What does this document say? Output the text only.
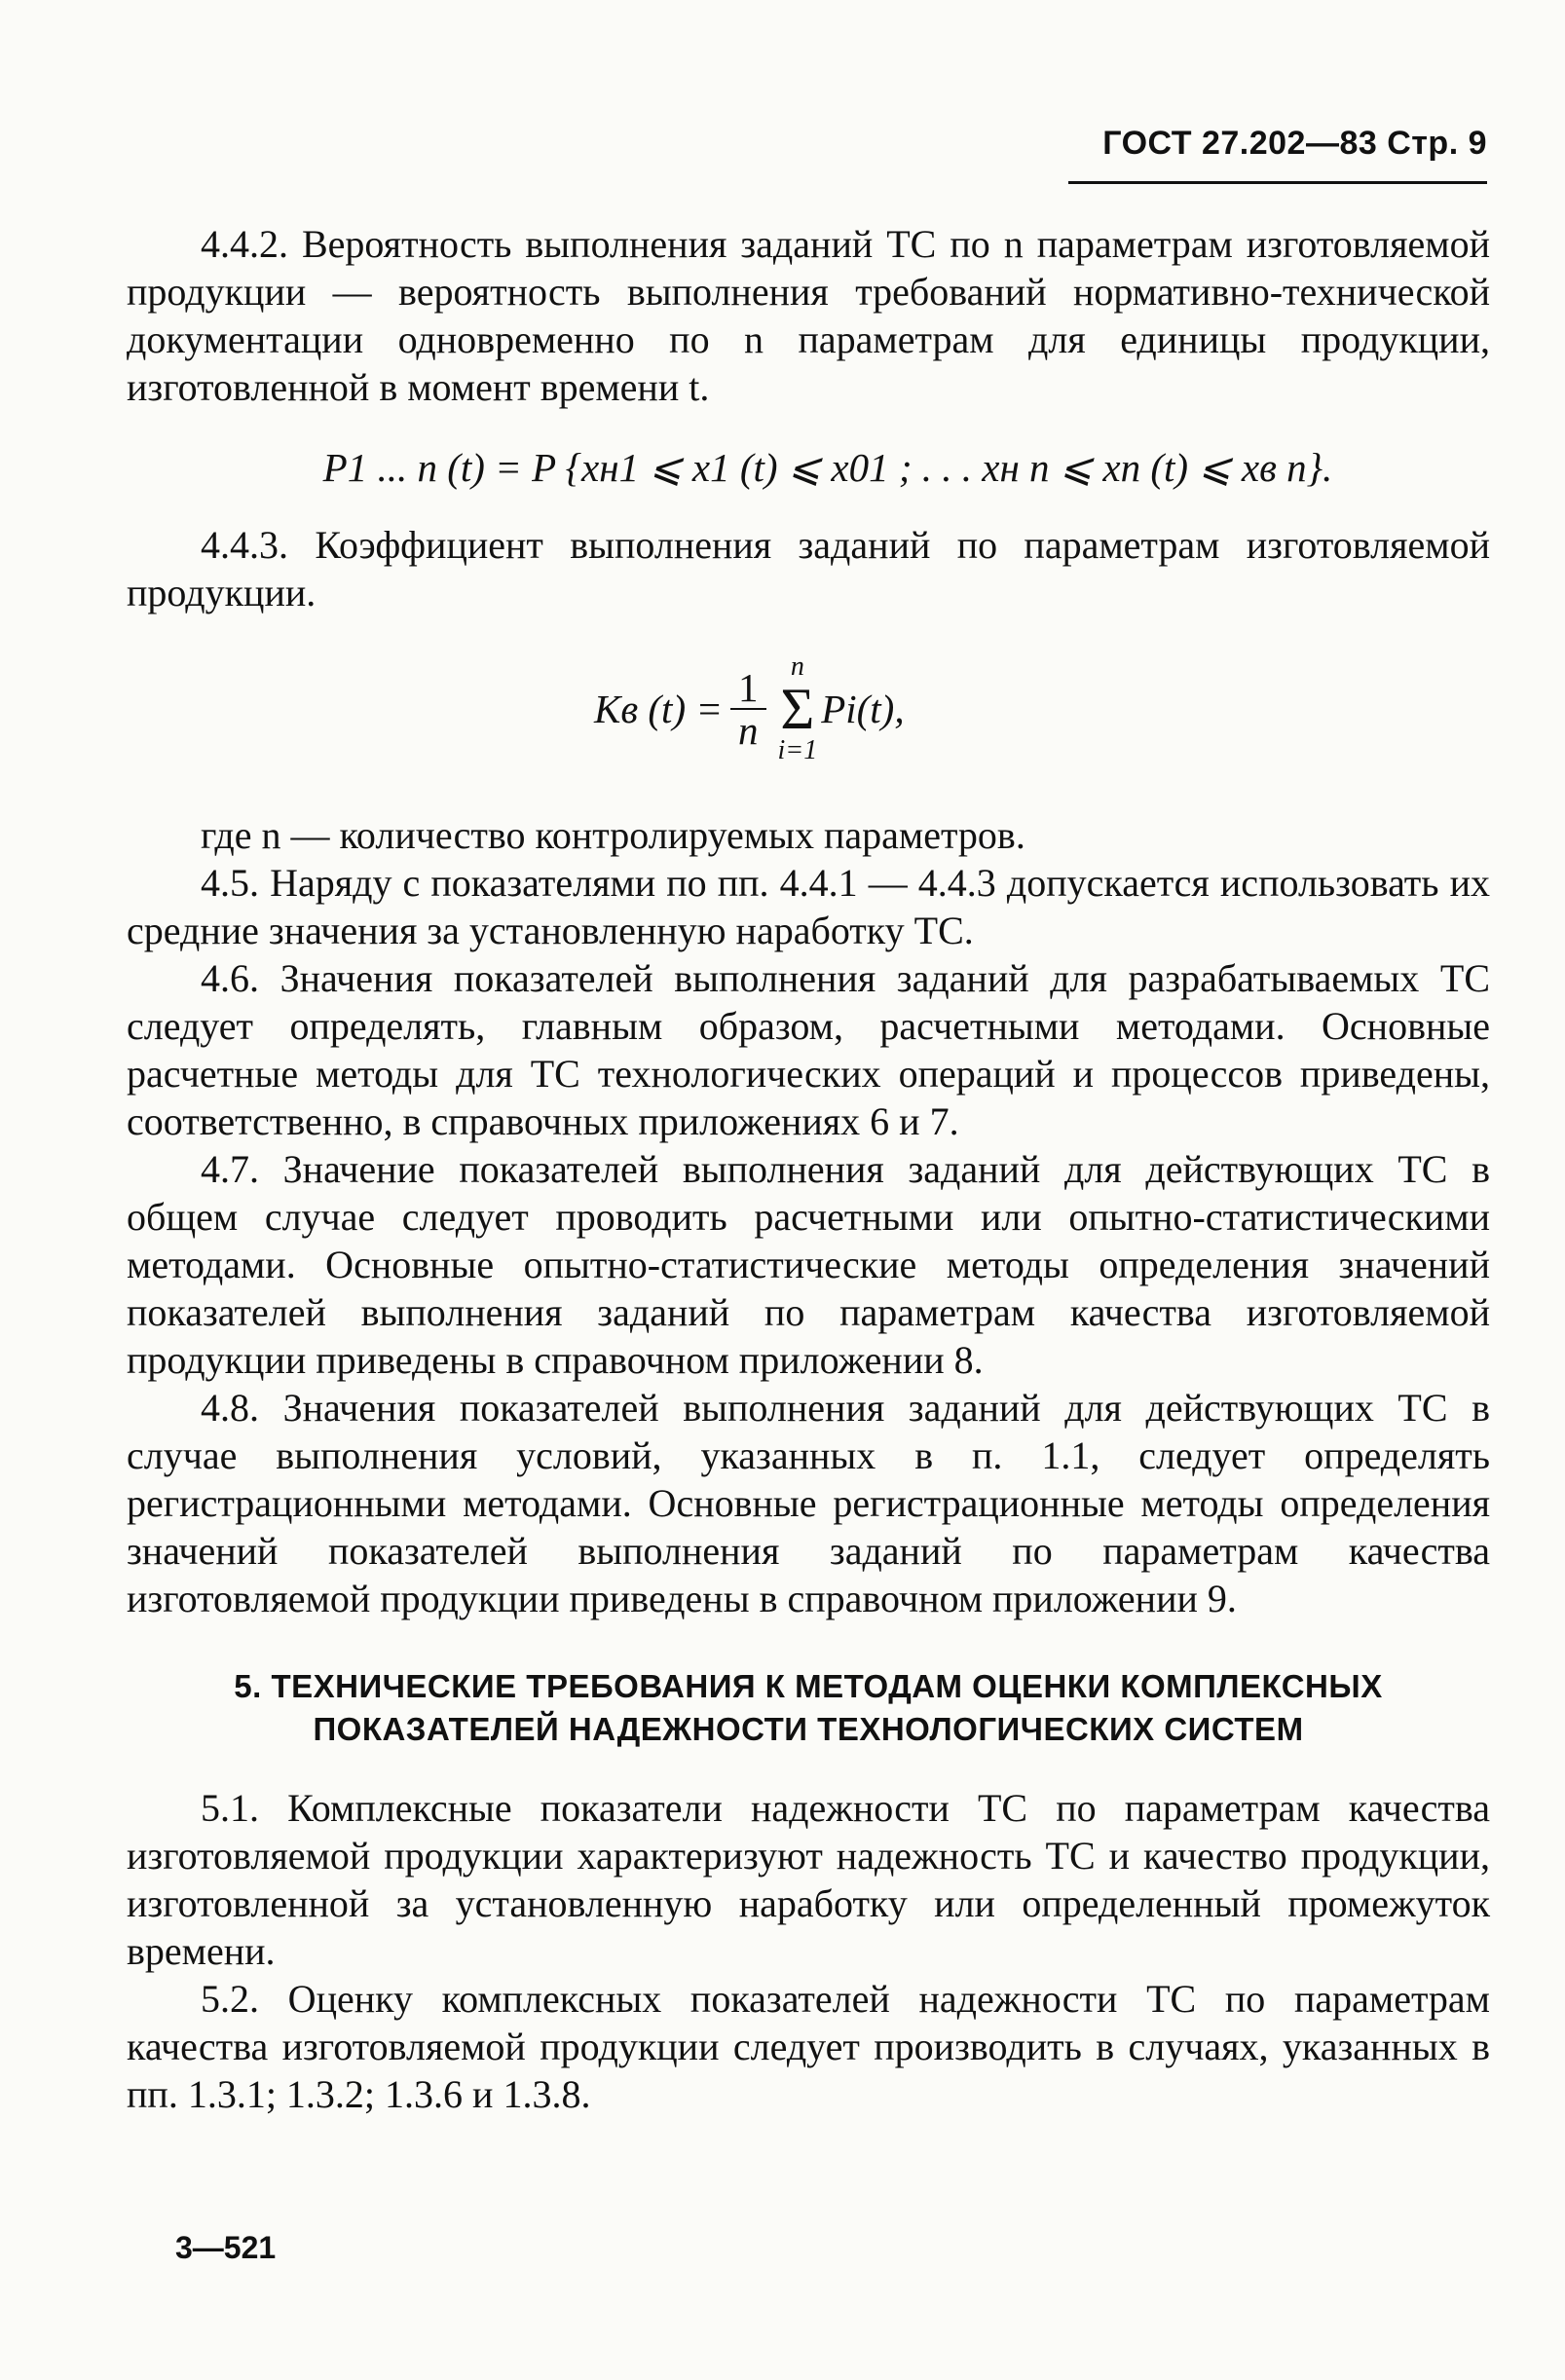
ГОСТ 27.202—83 Стр. 9

4.4.2. Вероятность выполнения заданий ТС по n параметрам изготовляемой продукции — вероятность выполнения требований нормативно-технической документации одновременно по n параметрам для единицы продукции, изготовленной в момент времени t.

P1 ... n (t) = P {xн1 ⩽ x1 (t) ⩽ x01 ; . . . xн n ⩽ xn (t) ⩽ xв n}.

4.4.3. Коэффициент выполнения заданий по параметрам изготовляемой продукции.

Kв $(t) = \frac{1}{n}$
n
Σ
i=1
Pi(t),

где n — количество контролируемых параметров.

4.5. Наряду с показателями по пп. 4.4.1 — 4.4.3 допускается использовать их средние значения за установленную наработку ТС.

4.6. Значения показателей выполнения заданий для разрабатываемых ТС следует определять, главным образом, расчетными методами. Основные расчетные методы для ТС технологических операций и процессов приведены, соответственно, в справочных приложениях 6 и 7.

4.7. Значение показателей выполнения заданий для действующих ТС в общем случае следует проводить расчетными или опытно-статистическими методами. Основные опытно-статистические методы определения значений показателей выполнения заданий по параметрам качества изготовляемой продукции приведены в справочном приложении 8.

4.8. Значения показателей выполнения заданий для действующих ТС в случае выполнения условий, указанных в п. 1.1, следует определять регистрационными методами. Основные регистрационные методы определения значений показателей выполнения заданий по параметрам качества изготовляемой продукции приведены в справочном приложении 9.

5. ТЕХНИЧЕСКИЕ ТРЕБОВАНИЯ К МЕТОДАМ ОЦЕНКИ КОМПЛЕКСНЫХ ПОКАЗАТЕЛЕЙ НАДЕЖНОСТИ ТЕХНОЛОГИЧЕСКИХ СИСТЕМ

5.1. Комплексные показатели надежности ТС по параметрам качества изготовляемой продукции характеризуют надежность ТС и качество продукции, изготовленной за установленную наработку или определенный промежуток времени.

5.2. Оценку комплексных показателей надежности ТС по параметрам качества изготовляемой продукции следует производить в случаях, указанных в пп. 1.3.1; 1.3.2; 1.3.6 и 1.3.8.

3—521
